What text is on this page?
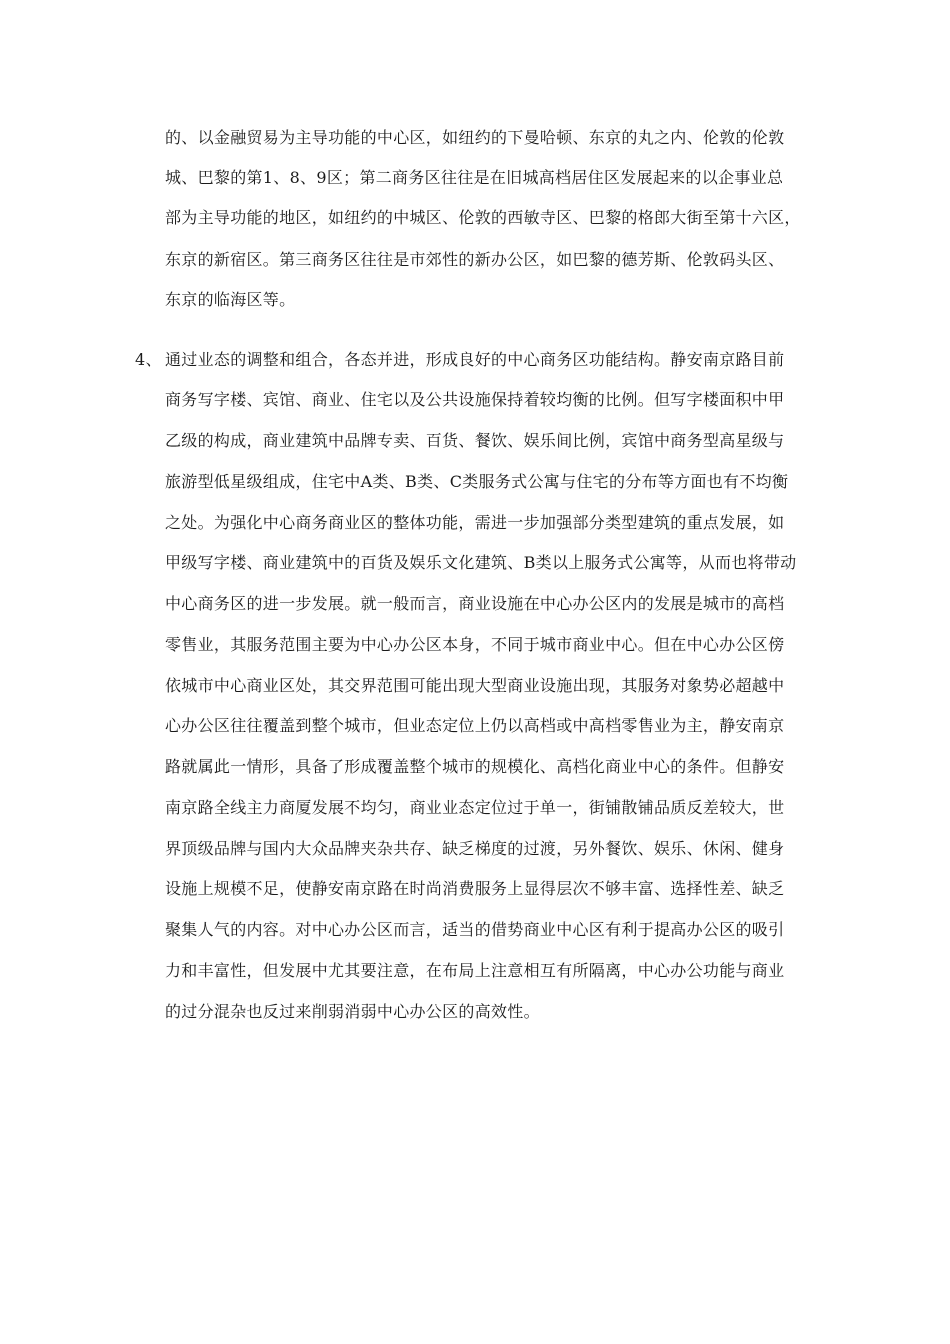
的、以金融贸易为主导功能的中心区，如纽约的下曼哈顿、东京的丸之内、伦敦的伦敦
城、巴黎的第1、8、9区；第二商务区往往是在旧城高档居住区发展起来的以企事业总
部为主导功能的地区，如纽约的中城区、伦敦的西敏寺区、巴黎的格郎大街至第十六区，
东京的新宿区。第三商务区往往是市郊性的新办公区，如巴黎的德芳斯、伦敦码头区、
东京的临海区等。
4、 通过业态的调整和组合，各态并进，形成良好的中心商务区功能结构。静安南京路目前
商务写字楼、宾馆、商业、住宅以及公共设施保持着较均衡的比例。但写字楼面积中甲
乙级的构成，商业建筑中品牌专卖、百货、餐饮、娱乐间比例，宾馆中商务型高星级与
旅游型低星级组成，住宅中A类、B类、C类服务式公寓与住宅的分布等方面也有不均衡
之处。为强化中心商务商业区的整体功能，需进一步加强部分类型建筑的重点发展，如
甲级写字楼、商业建筑中的百货及娱乐文化建筑、B类以上服务式公寓等，从而也将带动
中心商务区的进一步发展。就一般而言，商业设施在中心办公区内的发展是城市的高档
零售业，其服务范围主要为中心办公区本身，不同于城市商业中心。但在中心办公区傍
依城市中心商业区处，其交界范围可能出现大型商业设施出现，其服务对象势必超越中
心办公区往往覆盖到整个城市，但业态定位上仍以高档或中高档零售业为主，静安南京
路就属此一情形，具备了形成覆盖整个城市的规模化、高档化商业中心的条件。但静安
南京路全线主力商厦发展不均匀，商业业态定位过于单一，街铺散铺品质反差较大，世
界顶级品牌与国内大众品牌夹杂共存、缺乏梯度的过渡，另外餐饮、娱乐、休闲、健身
设施上规模不足，使静安南京路在时尚消费服务上显得层次不够丰富、选择性差、缺乏
聚集人气的内容。对中心办公区而言，适当的借势商业中心区有利于提高办公区的吸引
力和丰富性，但发展中尤其要注意，在布局上注意相互有所隔离，中心办公功能与商业
的过分混杂也反过来削弱消弱中心办公区的高效性。
